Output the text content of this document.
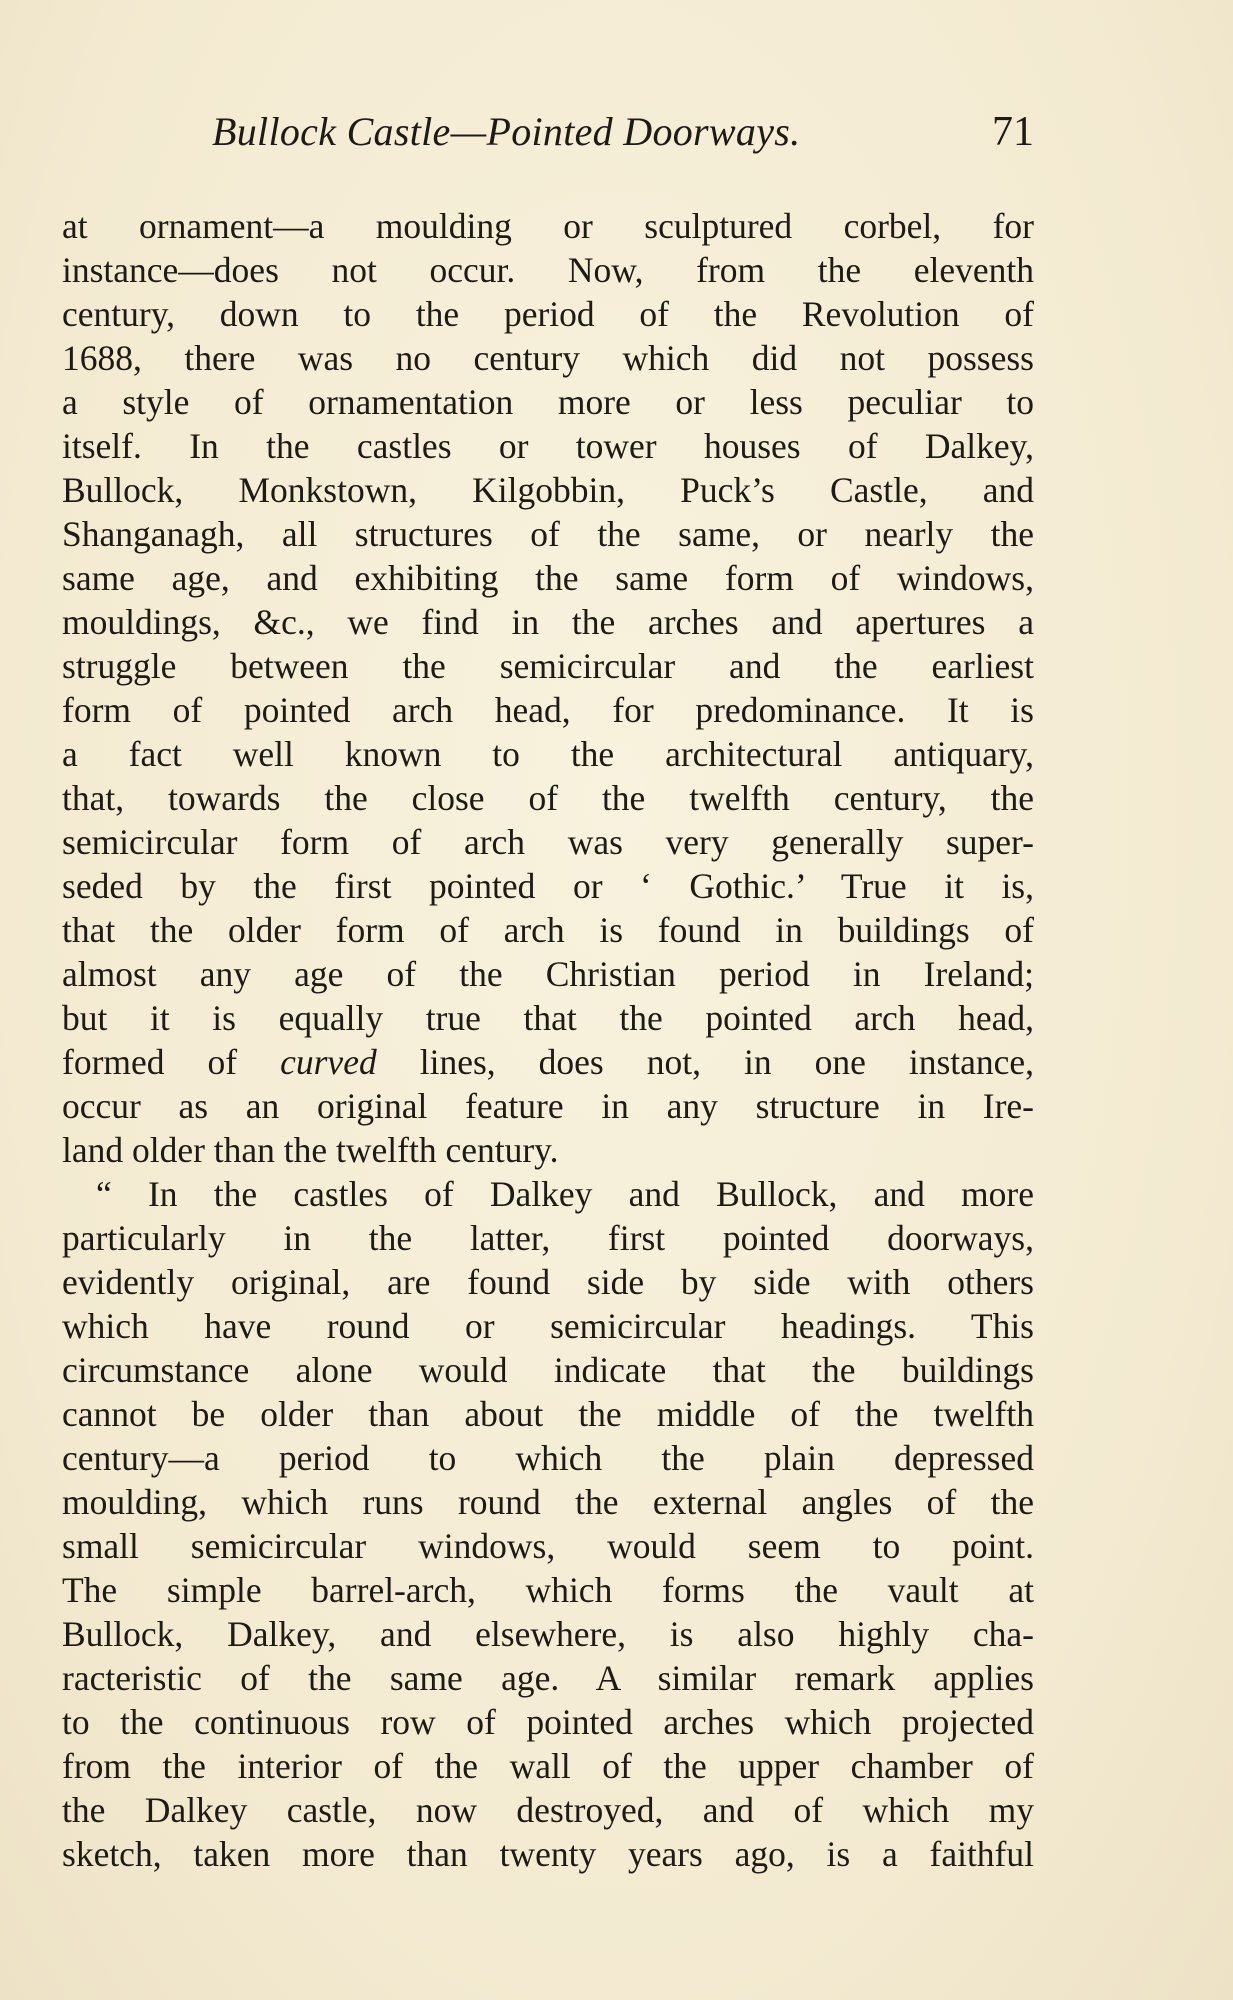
Bullock Castle—Pointed Doorways.	71
at ornament—a moulding or sculptured corbel, for
instance—does not occur. Now, from the eleventh
century, down to the period of the Revolution of
1688, there was no century which did not possess
a style of ornamentation more or less peculiar to
itself. In the castles or tower houses of Dalkey,
Bullock, Monkstown, Kilgobbin, Puck’s Castle, and
Shanganagh, all structures of the same, or nearly the
same age, and exhibiting the same form of windows,
mouldings, &c., we find in the arches and apertures a
struggle between the semicircular and the earliest
form of pointed arch head, for predominance. It is
a fact well known to the architectural antiquary,
that, towards the close of the twelfth century, the
semicircular form of arch was very generally super-
seded by the first pointed or ‘ Gothic.’ True it is,
that the older form of arch is found in buildings of
almost any age of the Christian period in Ireland;
but it is equally true that the pointed arch head,
formed of curved lines, does not, in one instance,
occur as an original feature in any structure in Ire-
land older than the twelfth century.
“ In the castles of Dalkey and Bullock, and more
particularly in the latter, first pointed doorways,
evidently original, are found side by side with others
which have round or semicircular headings. This
circumstance alone would indicate that the buildings
cannot be older than about the middle of the twelfth
century—a period to which the plain depressed
moulding, which runs round the external angles of the
small semicircular windows, would seem to point.
The simple barrel-arch, which forms the vault at
Bullock, Dalkey, and elsewhere, is also highly cha-
racteristic of the same age. A similar remark applies
to the continuous row of pointed arches which projected
from the interior of the wall of the upper chamber of
the Dalkey castle, now destroyed, and of which my
sketch, taken more than twenty years ago, is a faithful
